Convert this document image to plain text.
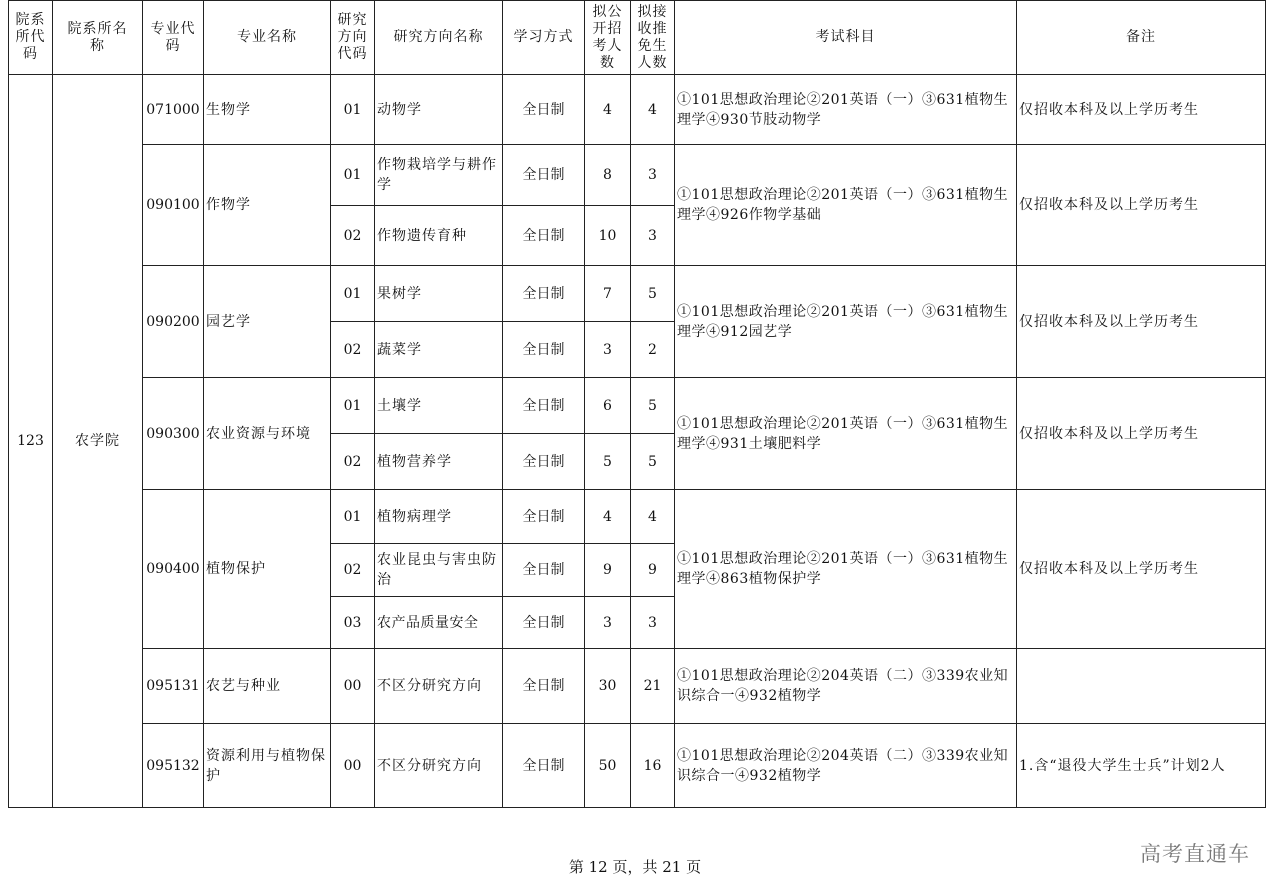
院系所代码	院系所名称	专业代码	专业名称	研究方向代码	研究方向名称	学习方式	拟公开招考人数	拟接收推免生人数	考试科目	备注
123	农学院	071000	生物学	01	动物学	全日制	4	4	①101思想政治理论②201英语（一）③631植物生理学④930节肢动物学	仅招收本科及以上学历考生
		090100	作物学	01	作物栽培学与耕作学	全日制	8	3	①101思想政治理论②201英语（一）③631植物生理学④926作物学基础	仅招收本科及以上学历考生
				02	作物遗传育种	全日制	10	3		
		090200	园艺学	01	果树学	全日制	7	5	①101思想政治理论②201英语（一）③631植物生理学④912园艺学	仅招收本科及以上学历考生
				02	蔬菜学	全日制	3	2		
		090300	农业资源与环境	01	土壤学	全日制	6	5	①101思想政治理论②201英语（一）③631植物生理学④931土壤肥料学	仅招收本科及以上学历考生
				02	植物营养学	全日制	5	5		
		090400	植物保护	01	植物病理学	全日制	4	4	①101思想政治理论②201英语（一）③631植物生理学④863植物保护学	仅招收本科及以上学历考生
				02	农业昆虫与害虫防治	全日制	9	9		
				03	农产品质量安全	全日制	3	3		
		095131	农艺与种业	00	不区分研究方向	全日制	30	21	①101思想政治理论②204英语（二）③339农业知识综合一④932植物学	
		095132	资源利用与植物保护	00	不区分研究方向	全日制	50	16	①101思想政治理论②204英语（二）③339农业知识综合一④932植物学	1.含“退役大学生士兵”计划2人
第 12 页，共 21 页
高考直通车
